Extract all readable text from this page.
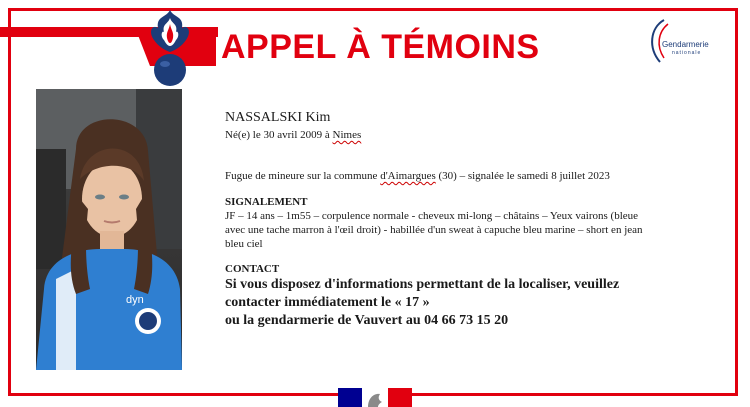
APPEL À TÉMOINS	Gendarmerie
nationale
dyn
NASSALSKI Kim
Né(e) le 30 avril 2009 à Nimes
Fugue de mineure sur la commune d'Aimargues (30) – signalée le samedi 8 juillet 2023
SIGNALEMENT
JF – 14 ans – 1m55 – corpulence normale - cheveux mi-long – châtains – Yeux vairons (bleue
avec une tache marron à l'œil droit) - habillée d'un sweat à capuche bleu marine – short en jean
bleu ciel
CONTACT
Si vous disposez d'informations permettant de la localiser, veuillez
contacter immédiatement le « 17 »
ou la gendarmerie de Vauvert au 04 66 73 15 20
